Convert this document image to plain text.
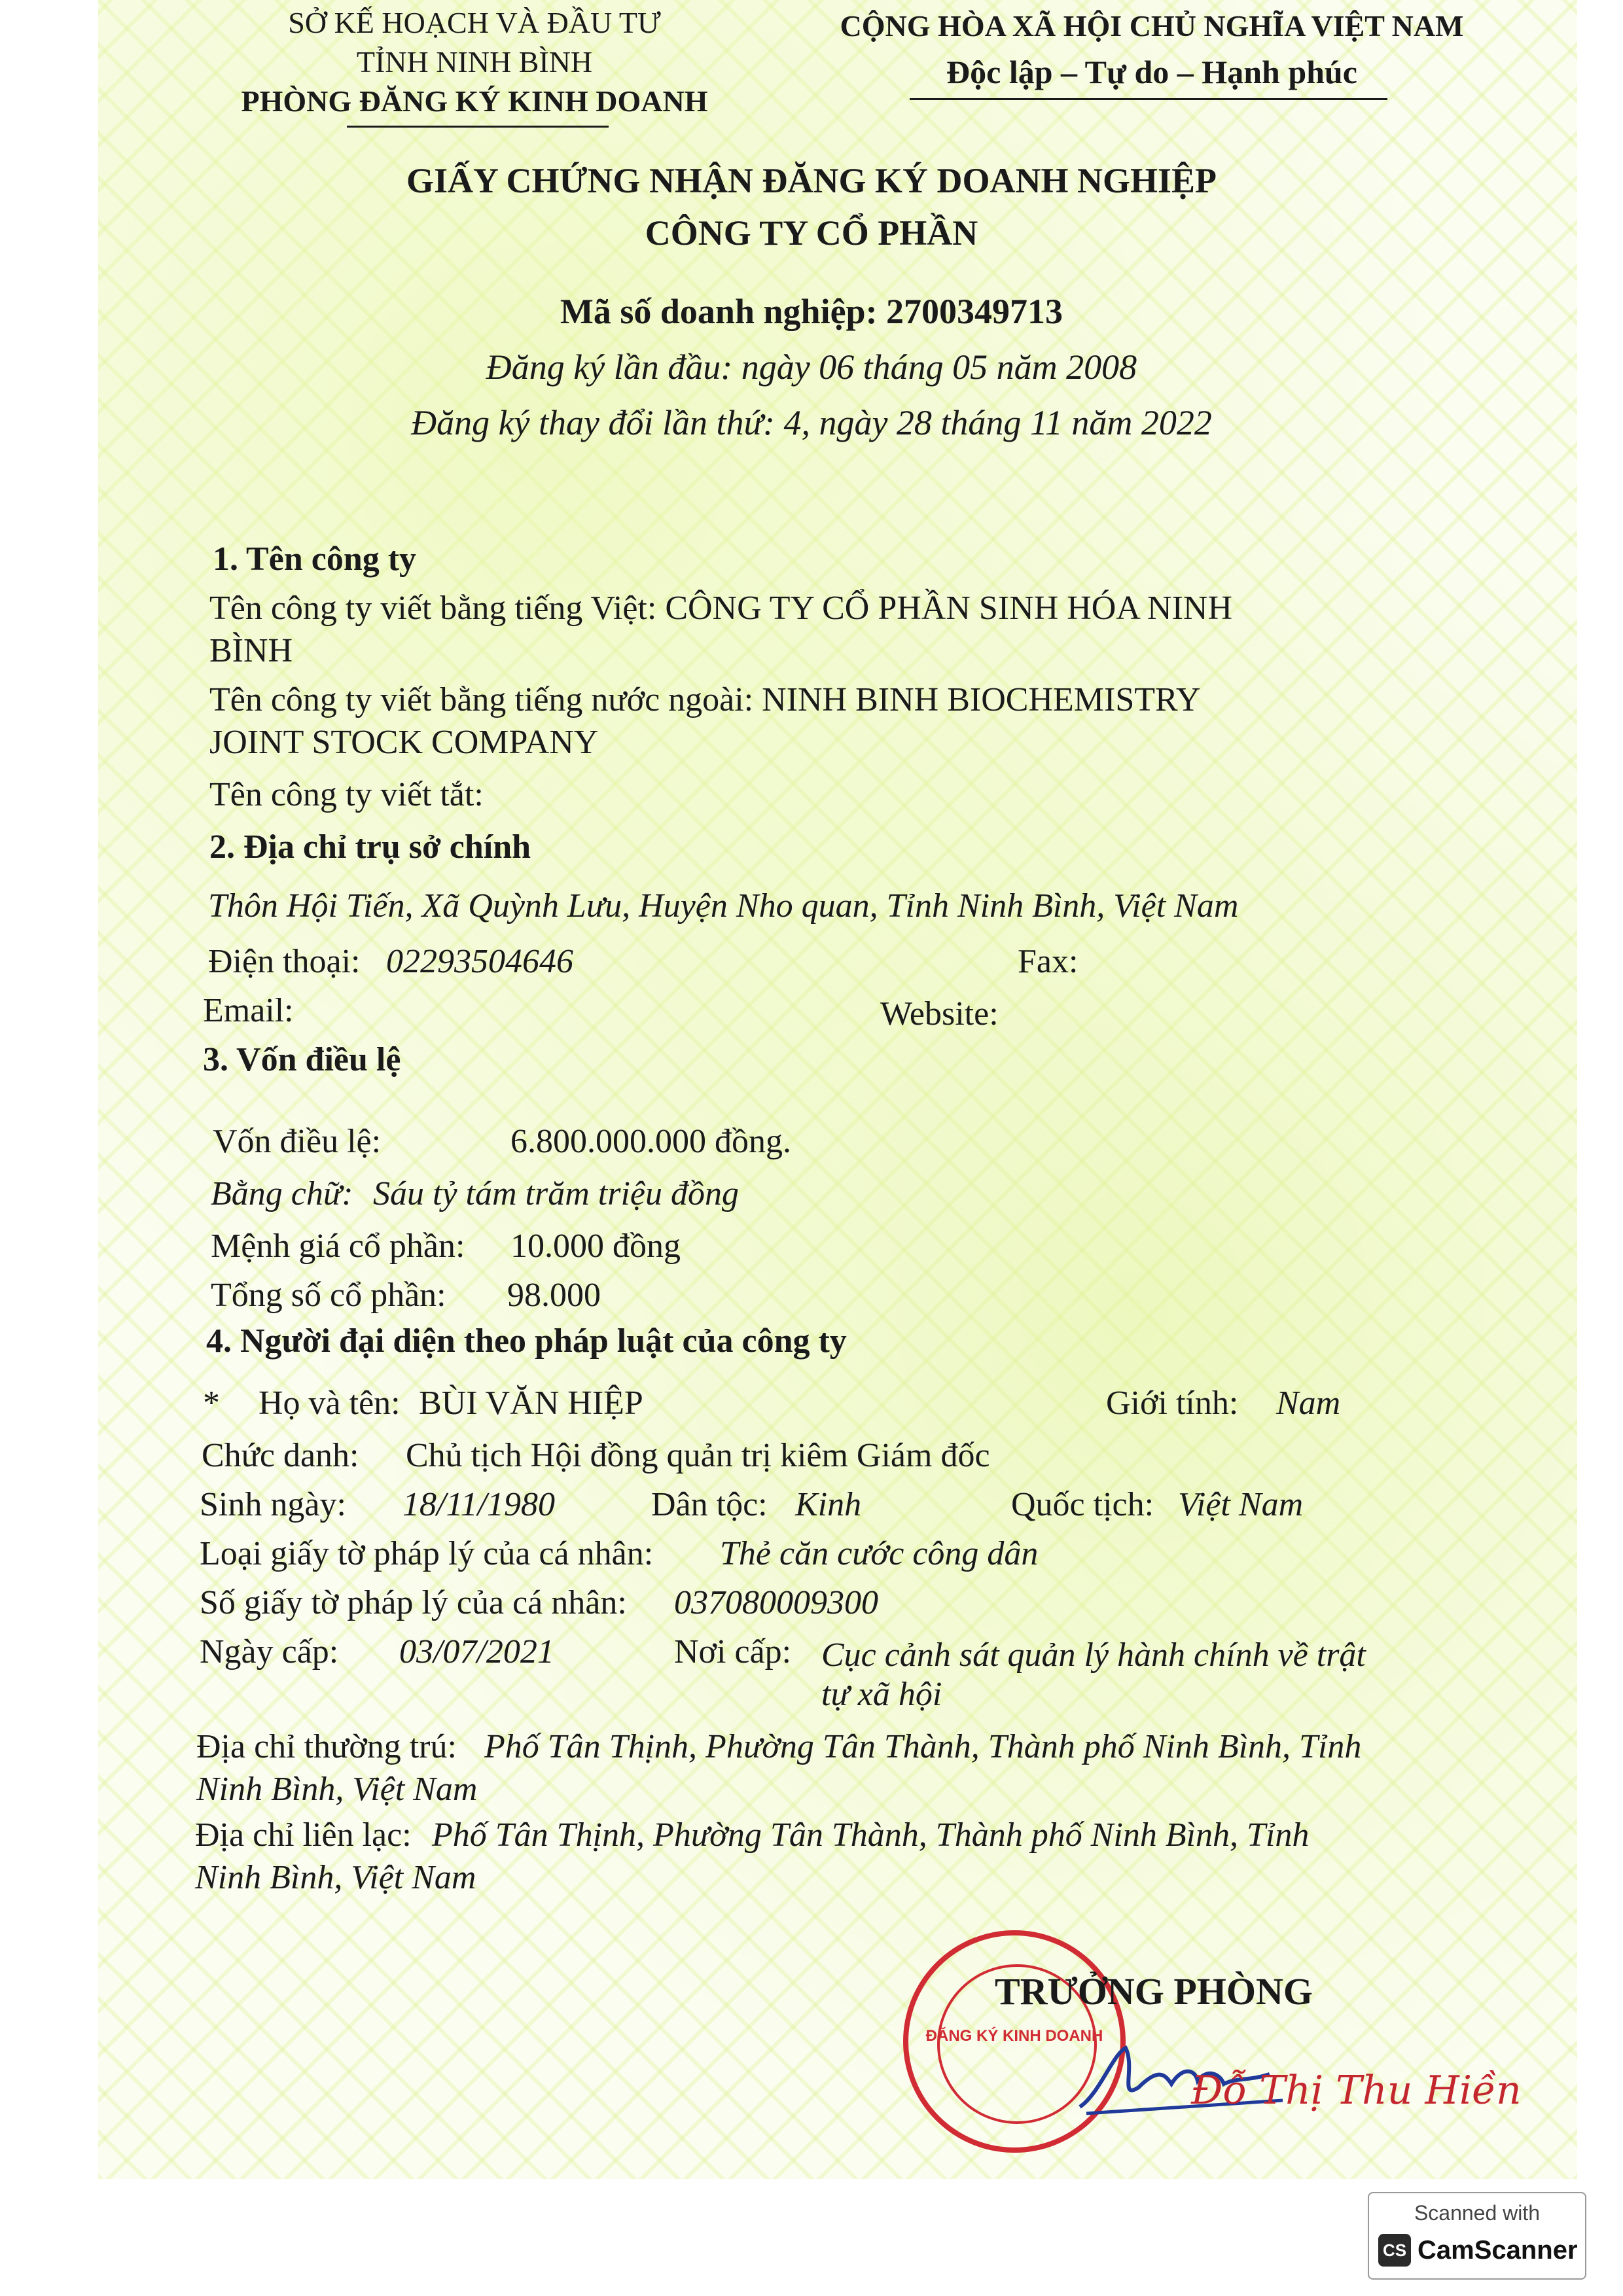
SỞ KẾ HOẠCH VÀ ĐẦU TƯ
TỈNH NINH BÌNH
PHÒNG ĐĂNG KÝ KINH DOANH
CỘNG HÒA XÃ HỘI CHỦ NGHĨA VIỆT NAM
Độc lập – Tự do – Hạnh phúc
GIẤY CHỨNG NHẬN ĐĂNG KÝ DOANH NGHIỆP
CÔNG TY CỔ PHẦN
Mã số doanh nghiệp: 2700349713
Đăng ký lần đầu: ngày 06 tháng 05 năm 2008
Đăng ký thay đổi lần thứ: 4, ngày 28 tháng 11 năm 2022
1. Tên công ty
Tên công ty viết bằng tiếng Việt: CÔNG TY CỔ PHẦN SINH HÓA NINH
BÌNH
Tên công ty viết bằng tiếng nước ngoài: NINH BINH BIOCHEMISTRY
JOINT STOCK COMPANY
Tên công ty viết tắt:
2. Địa chỉ trụ sở chính
Thôn Hội Tiến, Xã Quỳnh Lưu, Huyện Nho quan, Tỉnh Ninh Bình, Việt Nam
Điện thoại: 02293504646	Fax:
Email:	Website:
3. Vốn điều lệ
Vốn điều lệ:	6.800.000.000 đồng.
Bằng chữ: Sáu tỷ tám trăm triệu đồng
Mệnh giá cổ phần: 10.000 đồng
Tổng số cổ phần: 98.000
4. Người đại diện theo pháp luật của công ty
* Họ và tên: BÙI VĂN HIỆP	Giới tính: Nam
Chức danh: Chủ tịch Hội đồng quản trị kiêm Giám đốc
Sinh ngày: 18/11/1980	Dân tộc: Kinh	Quốc tịch: Việt Nam
Loại giấy tờ pháp lý của cá nhân: Thẻ căn cước công dân
Số giấy tờ pháp lý của cá nhân: 037080009300
Ngày cấp: 03/07/2021	Nơi cấp: Cục cảnh sát quản lý hành chính về trật
tự xã hội
Địa chỉ thường trú: Phố Tân Thịnh, Phường Tân Thành, Thành phố Ninh Bình, Tỉnh
Ninh Bình, Việt Nam
Địa chỉ liên lạc: Phố Tân Thịnh, Phường Tân Thành, Thành phố Ninh Bình, Tỉnh
Ninh Bình, Việt Nam
ĐĂNG KÝ KINH DOANH
TRƯỞNG PHÒNG
Đỗ Thị Thu Hiền
Scanned with
CS CamScanner
